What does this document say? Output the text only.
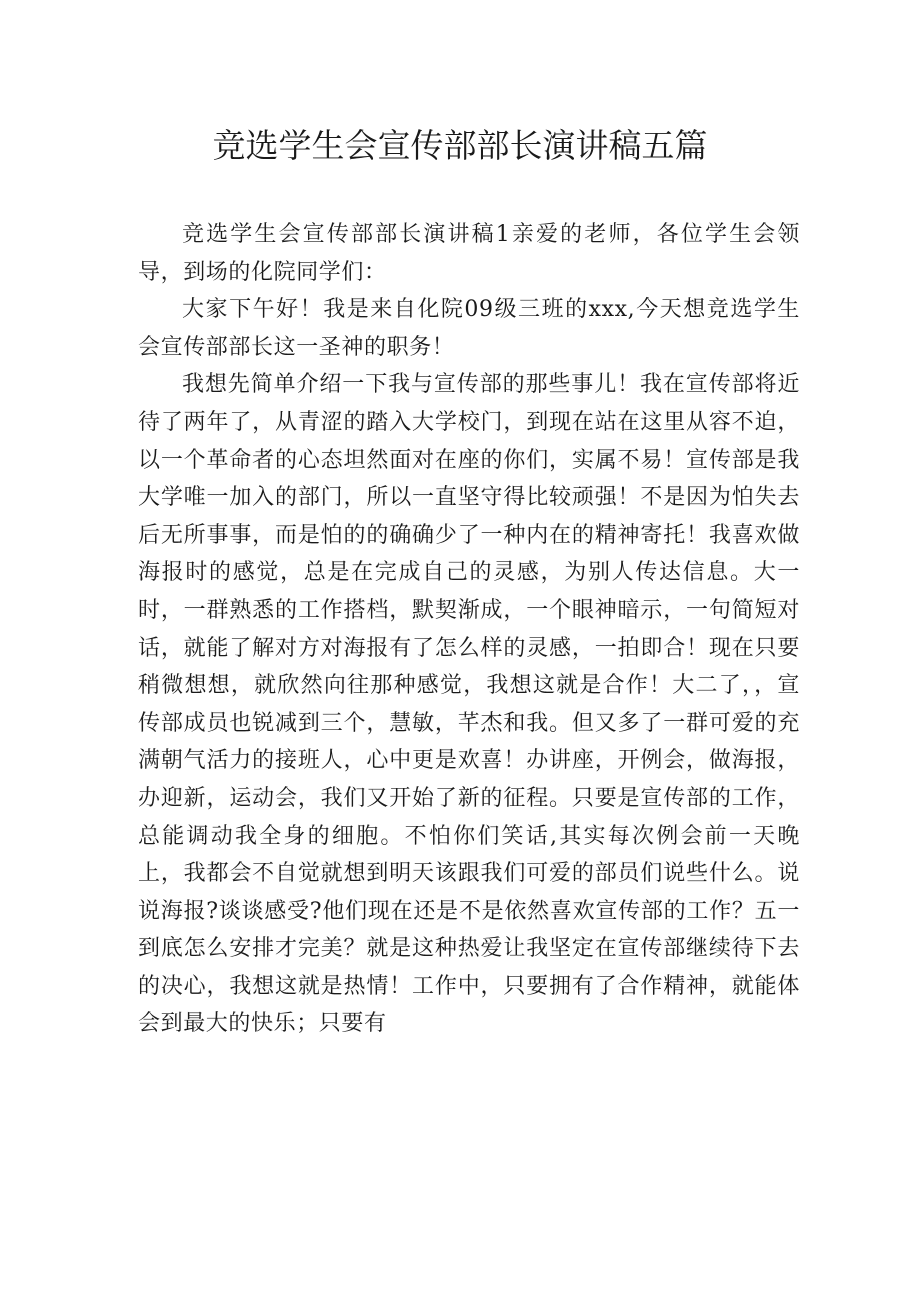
竞选学生会宣传部部长演讲稿五篇

竞选学生会宣传部部长演讲稿1亲爱的老师，各位学生会领导，到场的化院同学们：

大家下午好！我是来自化院09级三班的xxx,今天想竞选学生会宣传部部长这一圣神的职务！

我想先简单介绍一下我与宣传部的那些事儿！我在宣传部将近待了两年了，从青涩的踏入大学校门，到现在站在这里从容不迫，以一个革命者的心态坦然面对在座的你们，实属不易！宣传部是我大学唯一加入的部门，所以一直坚守得比较顽强！不是因为怕失去后无所事事，而是怕的的确确少了一种内在的精神寄托！我喜欢做海报时的感觉，总是在完成自己的灵感，为别人传达信息。大一时，一群熟悉的工作搭档，默契渐成，一个眼神暗示，一句简短对话，就能了解对方对海报有了怎么样的灵感，一拍即合！现在只要稍微想想，就欣然向往那种感觉，我想这就是合作！大二了，，宣传部成员也锐减到三个，慧敏，芊杰和我。但又多了一群可爱的充满朝气活力的接班人，心中更是欢喜！办讲座，开例会，做海报，办迎新，运动会，我们又开始了新的征程。只要是宣传部的工作，总能调动我全身的细胞。不怕你们笑话,其实每次例会前一天晚上，我都会不自觉就想到明天该跟我们可爱的部员们说些什么。说说海报?谈谈感受?他们现在还是不是依然喜欢宣传部的工作？五一到底怎么安排才完美？就是这种热爱让我坚定在宣传部继续待下去的决心，我想这就是热情！工作中，只要拥有了合作精神，就能体会到最大的快乐；只要有
